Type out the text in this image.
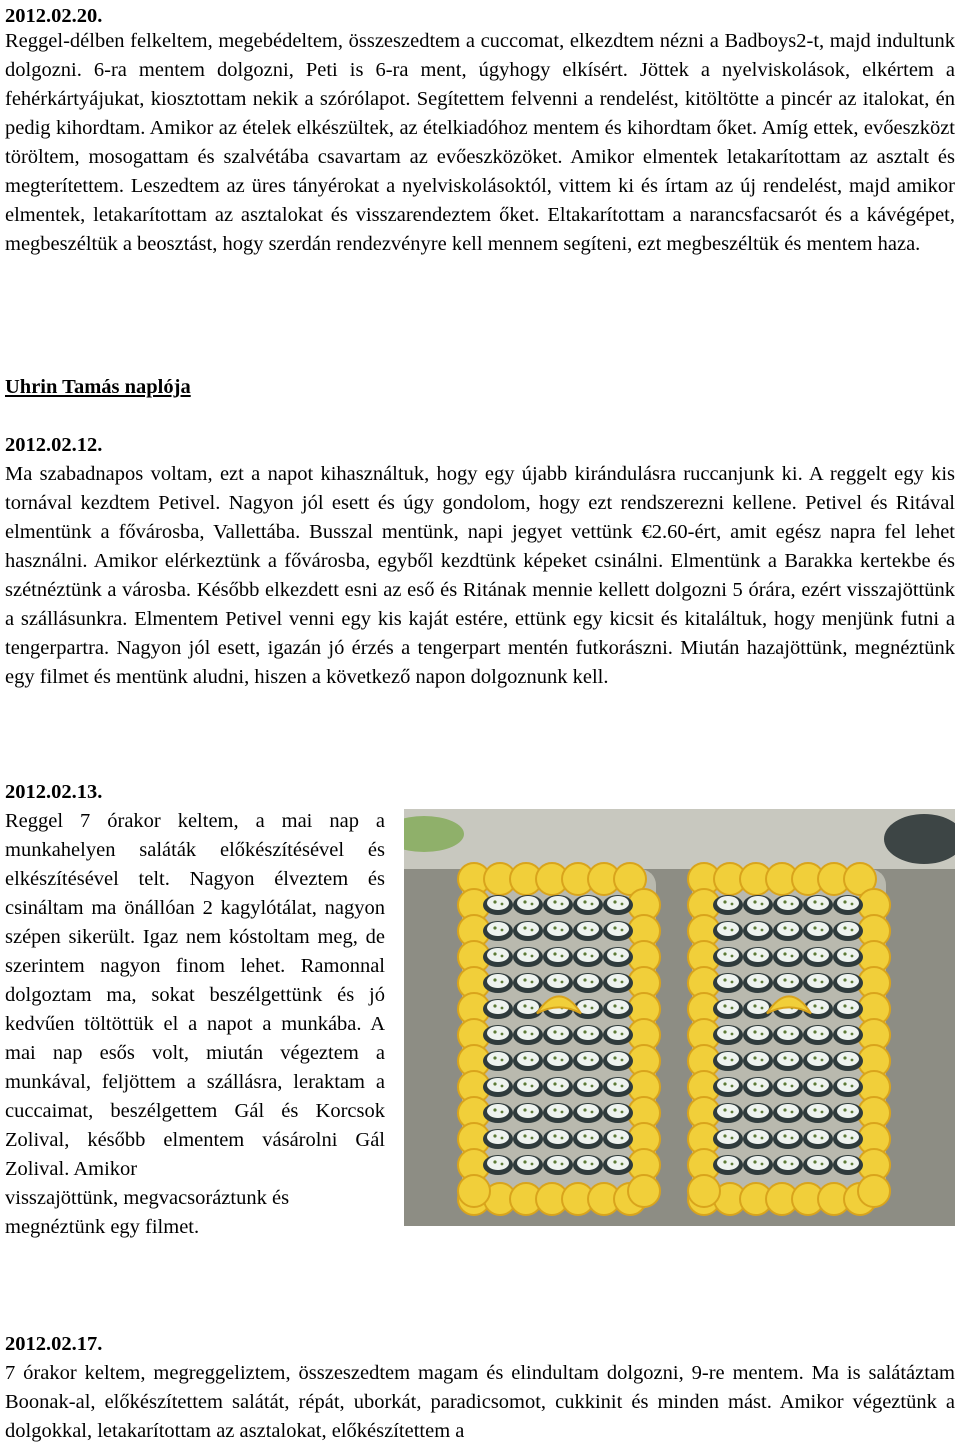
2012.02.20.

Reggel-délben felkeltem, megebédeltem, összeszedtem a cuccomat, elkezdtem nézni a Badboys2-t, majd indultunk dolgozni. 6-ra mentem dolgozni, Peti is 6-ra ment, úgyhogy elkísért. Jöttek a nyelviskolások, elkértem a fehérkártyájukat, kiosztottam nekik a szórólapot. Segítettem felvenni a rendelést, kitöltötte a pincér az italokat, én pedig kihordtam. Amikor az ételek elkészültek, az ételkiadóhoz mentem és kihordtam őket. Amíg ettek, evőeszközt töröltem, mosogattam és szalvétába csavartam az evőeszközöket. Amikor elmentek letakarítottam az asztalt és megterítettem. Leszedtem az üres tányérokat a nyelviskolásoktól, vittem ki és írtam az új rendelést, majd amikor elmentek, letakarítottam az asztalokat és visszarendeztem őket. Eltakarítottam a narancsfacsarót és a kávégépet, megbeszéltük a beosztást, hogy szerdán rendezvényre kell mennem segíteni, ezt megbeszéltük és mentem haza.

Uhrin Tamás naplója
2012.02.12.

Ma szabadnapos voltam, ezt a napot kihasználtuk, hogy egy újabb kirándulásra ruccanjunk ki. A reggelt egy kis tornával kezdtem Petivel. Nagyon jól esett és úgy gondolom, hogy ezt rendszerezni kellene. Petivel és Ritával elmentünk a fővárosba, Vallettába. Busszal mentünk, napi jegyet vettünk €2.60-ért, amit egész napra fel lehet használni. Amikor elérkeztünk a fővárosba, egyből kezdtünk képeket csinálni. Elmentünk a Barakka kertekbe és szétnéztünk a városba. Később elkezdett esni az eső és Ritának mennie kellett dolgozni 5 órára, ezért visszajöttünk a szállásunkra. Elmentem Petivel venni egy kis kaját estére, ettünk egy kicsit és kitaláltuk, hogy menjünk futni a tengerpartra. Nagyon jól esett, igazán jó érzés a tengerpart mentén futkorászni. Miután hazajöttünk, megnéztünk egy filmet és mentünk aludni, hiszen a következő napon dolgoznunk kell.

2012.02.13.
Reggel 7 órakor keltem, a mai nap a munkahelyen saláták előkészítésével és elkészítésével telt. Nagyon élveztem és csináltam ma önállóan 2 kagylótálat, nagyon szépen sikerült. Igaz nem kóstoltam meg, de szerintem nagyon finom lehet. Ramonnal dolgoztam ma, sokat beszélgettünk és jó kedvűen töltöttük el a napot a munkába. A mai nap esős volt, miután végeztem a munkával, feljöttem a szállásra, leraktam a cuccaimat, beszélgettem Gál és Korcsok Zolival, később elmentem vásárolni Gál Zolival. Amikor
visszajöttünk, megvacsoráztunk és megnéztünk egy filmet.
2012.02.17.

7 órakor keltem, megreggeliztem, összeszedtem magam és elindultam dolgozni, 9-re mentem. Ma is salátáztam Boonak-al, előkészítettem salátát, répát, uborkát, paradicsomot, cukkinit és minden mást. Amikor végeztünk a dolgokkal, letakarítottam az asztalokat, előkészítettem a
